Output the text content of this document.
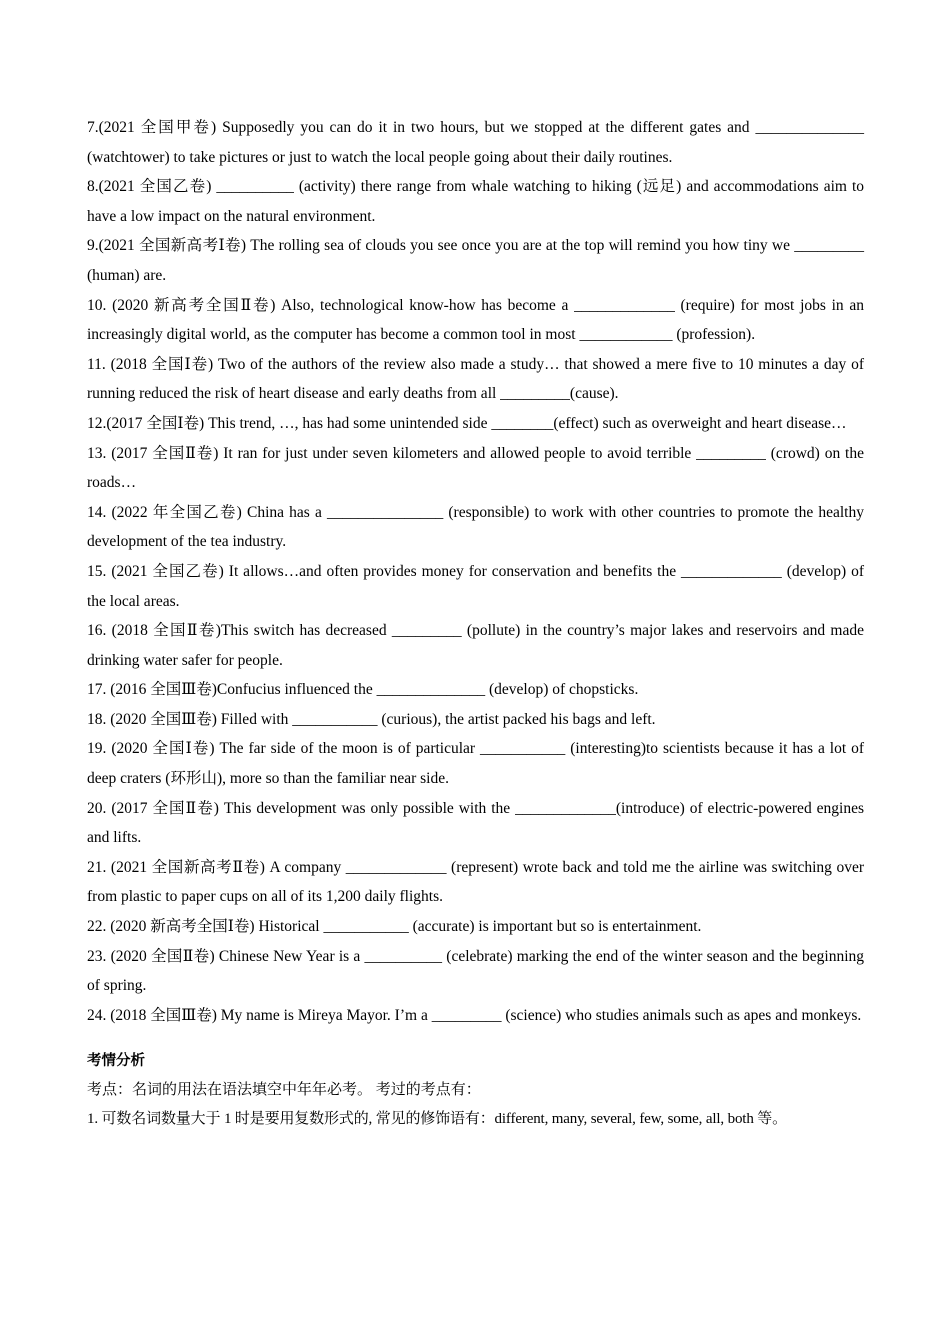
7.(2021 全国甲卷) Supposedly you can do it in two hours, but we stopped at the different gates and ______________ (watchtower) to take pictures or just to watch the local people going about their daily routines.

8.(2021 全国乙卷) __________ (activity) there range from whale watching to hiking (远足) and accommodations aim to have a low impact on the natural environment.

9.(2021 全国新高考Ⅰ卷) The rolling sea of clouds you see once you are at the top will remind you how tiny we _________ (human) are.

10. (2020 新高考全国Ⅱ卷) Also, technological know-how has become a _____________ (require) for most jobs in an increasingly digital world, as the computer has become a common tool in most ____________ (profession).

11. (2018 全国Ⅰ卷) Two of the authors of the review also made a study… that showed a mere five to 10 minutes a day of running reduced the risk of heart disease and early deaths from all _________(cause).

12.(2017 全国Ⅰ卷) This trend, …, has had some unintended side ________(effect) such as overweight and heart disease…

13. (2017 全国Ⅱ卷) It ran for just under seven kilometers and allowed people to avoid terrible _________ (crowd) on the roads…

14. (2022 年全国乙卷) China has a _______________ (responsible) to work with other countries to promote the healthy development of the tea industry.

15. (2021 全国乙卷) It allows…and often provides money for conservation and benefits the _____________ (develop) of the local areas.

16. (2018 全国Ⅱ卷)This switch has decreased _________ (pollute) in the country’s major lakes and reservoirs and made drinking water safer for people.

17. (2016 全国Ⅲ卷)Confucius influenced the ______________ (develop) of chopsticks.

18. (2020 全国Ⅲ卷) Filled with ___________ (curious), the artist packed his bags and left.

19. (2020 全国Ⅰ卷) The far side of the moon is of particular ___________ (interesting)to scientists because it has a lot of deep craters (环形山), more so than the familiar near side.

20. (2017 全国Ⅱ卷) This development was only possible with the _____________(introduce) of electric-powered engines and lifts.

21. (2021 全国新高考Ⅱ卷) A company _____________ (represent) wrote back and told me the airline was switching over from plastic to paper cups on all of its 1,200 daily flights.

22. (2020 新高考全国Ⅰ卷) Historical ___________ (accurate) is important but so is entertainment.

23. (2020 全国Ⅱ卷) Chinese New Year is a __________ (celebrate) marking the end of the winter season and the beginning of spring.

24. (2018 全国Ⅲ卷) My name is Mireya Mayor. I’m a _________ (science) who studies animals such as apes and monkeys.

考情分析

考点：名词的用法在语法填空中年年必考。 考过的考点有：

1. 可数名词数量大于 1 时是要用复数形式的, 常见的修饰语有：different, many, several, few, some, all, both 等。
